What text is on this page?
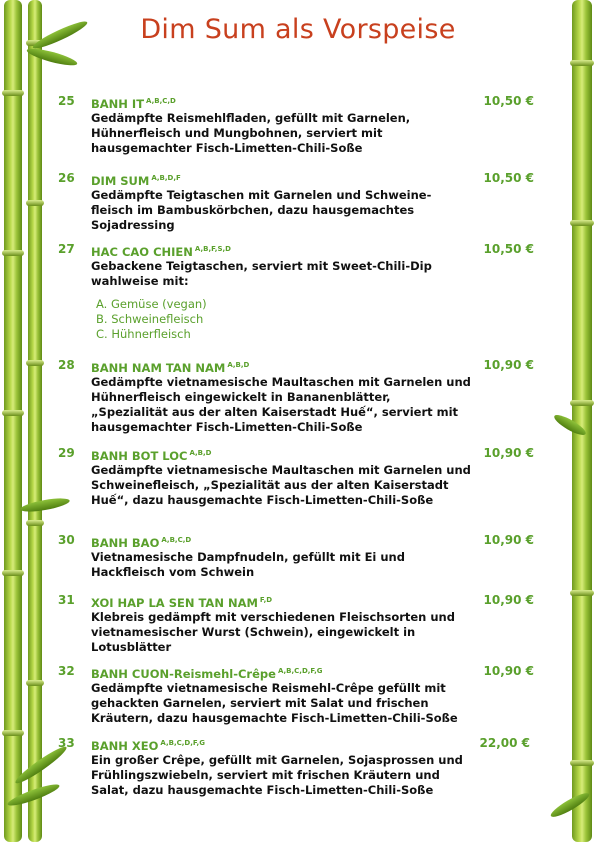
Dim Sum als Vorspeise
25	10,50 €
BANH IT $^{A,B,C,D}$
Gedämpfte Reismehlfladen, gefüllt mit Garnelen, Hühnerfleisch und Mungbohnen, serviert mit hausgemachter Fisch-Limetten-Chili-Soße
26	10,50 €
DIM SUM $^{A,B,D,F}$
Gedämpfte Teigtaschen mit Garnelen und Schweine- fleisch im Bambuskörbchen, dazu hausgemachtes Sojadressing
27	10,50 €
HAC CAO CHIEN $^{A,B,F,S,D}$
Gebackene Teigtaschen, serviert mit Sweet-Chili-Dip wahlweise mit:
A. Gemüse (vegan)
B. Schweinefleisch
C. Hühnerfleisch
28	10,90 €
BANH NAM TAN NAM $^{A,B,D}$
Gedämpfte vietnamesische Maultaschen mit Garnelen und Hühnerfleisch eingewickelt in Bananenblätter, „Spezialität aus der alten Kaiserstadt Huế“, serviert mit hausgemachter Fisch-Limetten-Chili-Soße
29	10,90 €
BANH BOT LOC $^{A,B,D}$
Gedämpfte vietnamesische Maultaschen mit Garnelen und Schweinefleisch, „Spezialität aus der alten Kaiserstadt Huế“, dazu hausgemachte Fisch-Limetten-Chili-Soße
30	10,90 €
BANH BAO $^{A,B,C,D}$
Vietnamesische Dampfnudeln, gefüllt mit Ei und Hackfleisch vom Schwein
31	10,90 €
XOI HAP LA SEN TAN NAM $^{F,D}$
Klebreis gedämpft mit verschiedenen Fleischsorten und vietnamesischer Wurst (Schwein), eingewickelt in Lotusblätter
32	10,90 €
BANH CUON-Reismehl-Crêpe $^{A,B,C,D,F,G}$
Gedämpfte vietnamesische Reismehl-Crêpe gefüllt mit gehackten Garnelen, serviert mit Salat und frischen Kräutern, dazu hausgemachte Fisch-Limetten-Chili-Soße
33	22,00 €
BANH XEO $^{A,B,C,D,F,G}$
Ein großer Crêpe, gefüllt mit Garnelen, Sojasprossen und Frühlingszwiebeln, serviert mit frischen Kräutern und Salat, dazu hausgemachte Fisch-Limetten-Chili-Soße
